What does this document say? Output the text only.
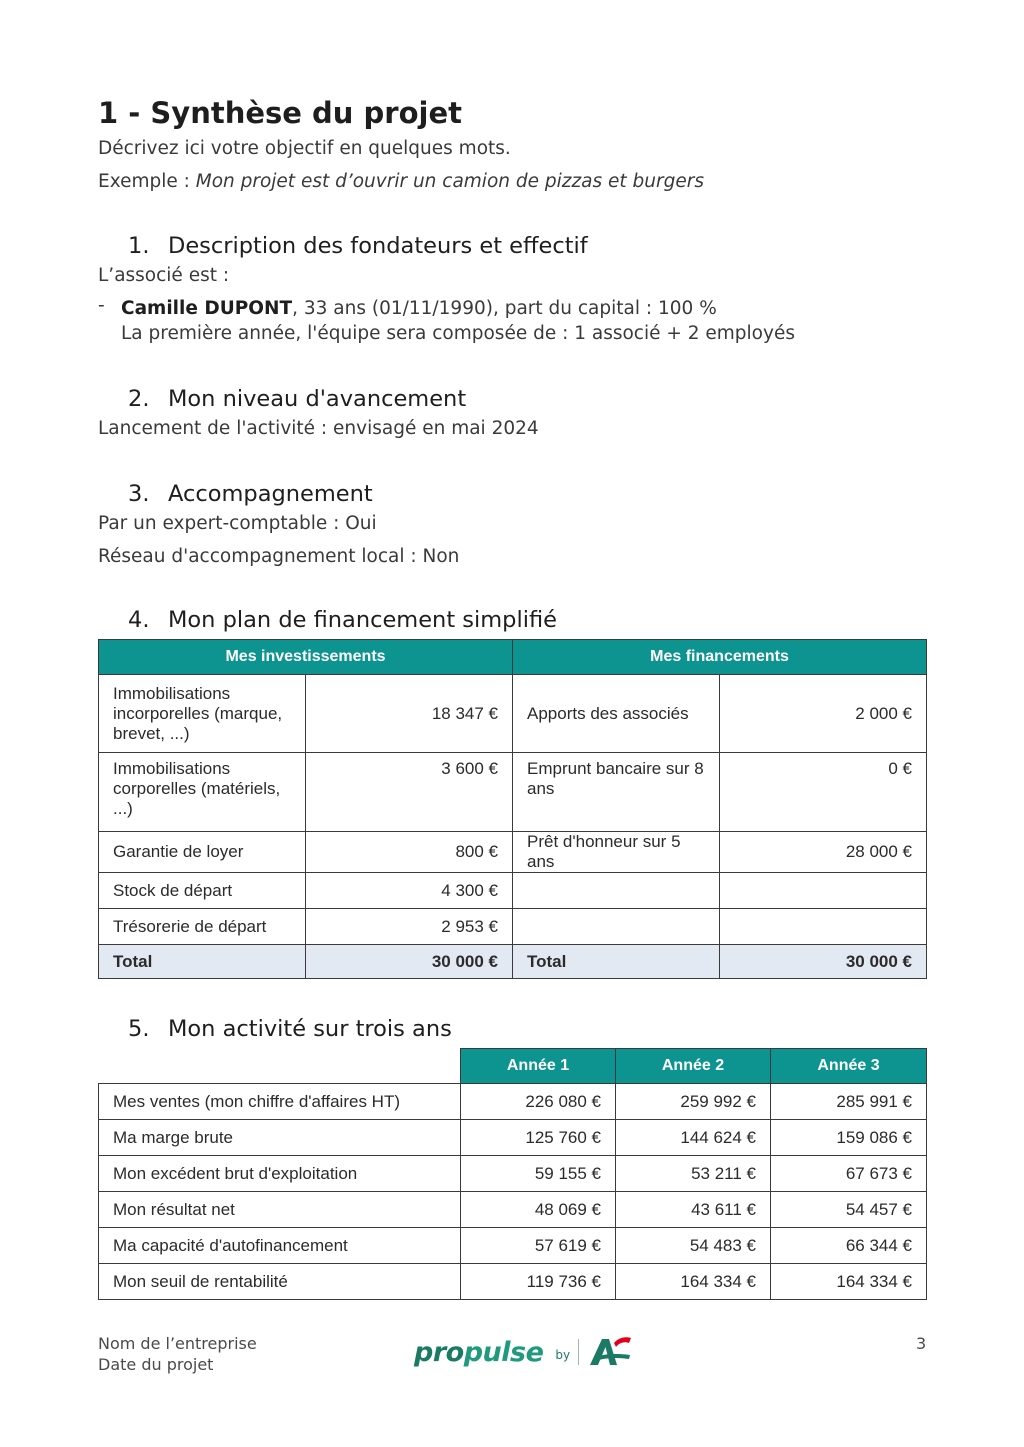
1 - Synthèse du projet
Décrivez ici votre objectif en quelques mots.
Exemple : Mon projet est d’ouvrir un camion de pizzas et burgers
1. Description des fondateurs et effectif
L’associé est :
- Camille DUPONT, 33 ans (01/11/1990), part du capital : 100 %
La première année, l'équipe sera composée de : 1 associé + 2 employés
2. Mon niveau d'avancement
Lancement de l'activité : envisagé en mai 2024
3. Accompagnement
Par un expert-comptable : Oui
Réseau d'accompagnement local : Non
4. Mon plan de financement simplifié
Mes investissements		Mes financements	
Immobilisations incorporelles (marque, brevet, ...)	18 347 €	Apports des associés	2 000 €
Immobilisations corporelles (matériels, ...)	3 600 €	Emprunt bancaire sur 8 ans	0 €
Garantie de loyer	800 €	Prêt d'honneur sur 5 ans	28 000 €
Stock de départ	4 300 €		
Trésorerie de départ	2 953 €		
Total	30 000 €	Total	30 000 €
5. Mon activité sur trois ans
	Année 1	Année 2	Année 3
Mes ventes (mon chiffre d'affaires HT)	226 080 €	259 992 €	285 991 €
Ma marge brute	125 760 €	144 624 €	159 086 €
Mon excédent brut d'exploitation	59 155 €	53 211 €	67 673 €
Mon résultat net	48 069 €	43 611 €	54 457 €
Ma capacité d'autofinancement	57 619 €	54 483 €	66 344 €
Mon seuil de rentabilité	119 736 €	164 334 €	164 334 €
Nom de l’entreprise
Date du projet	propulse by
3
